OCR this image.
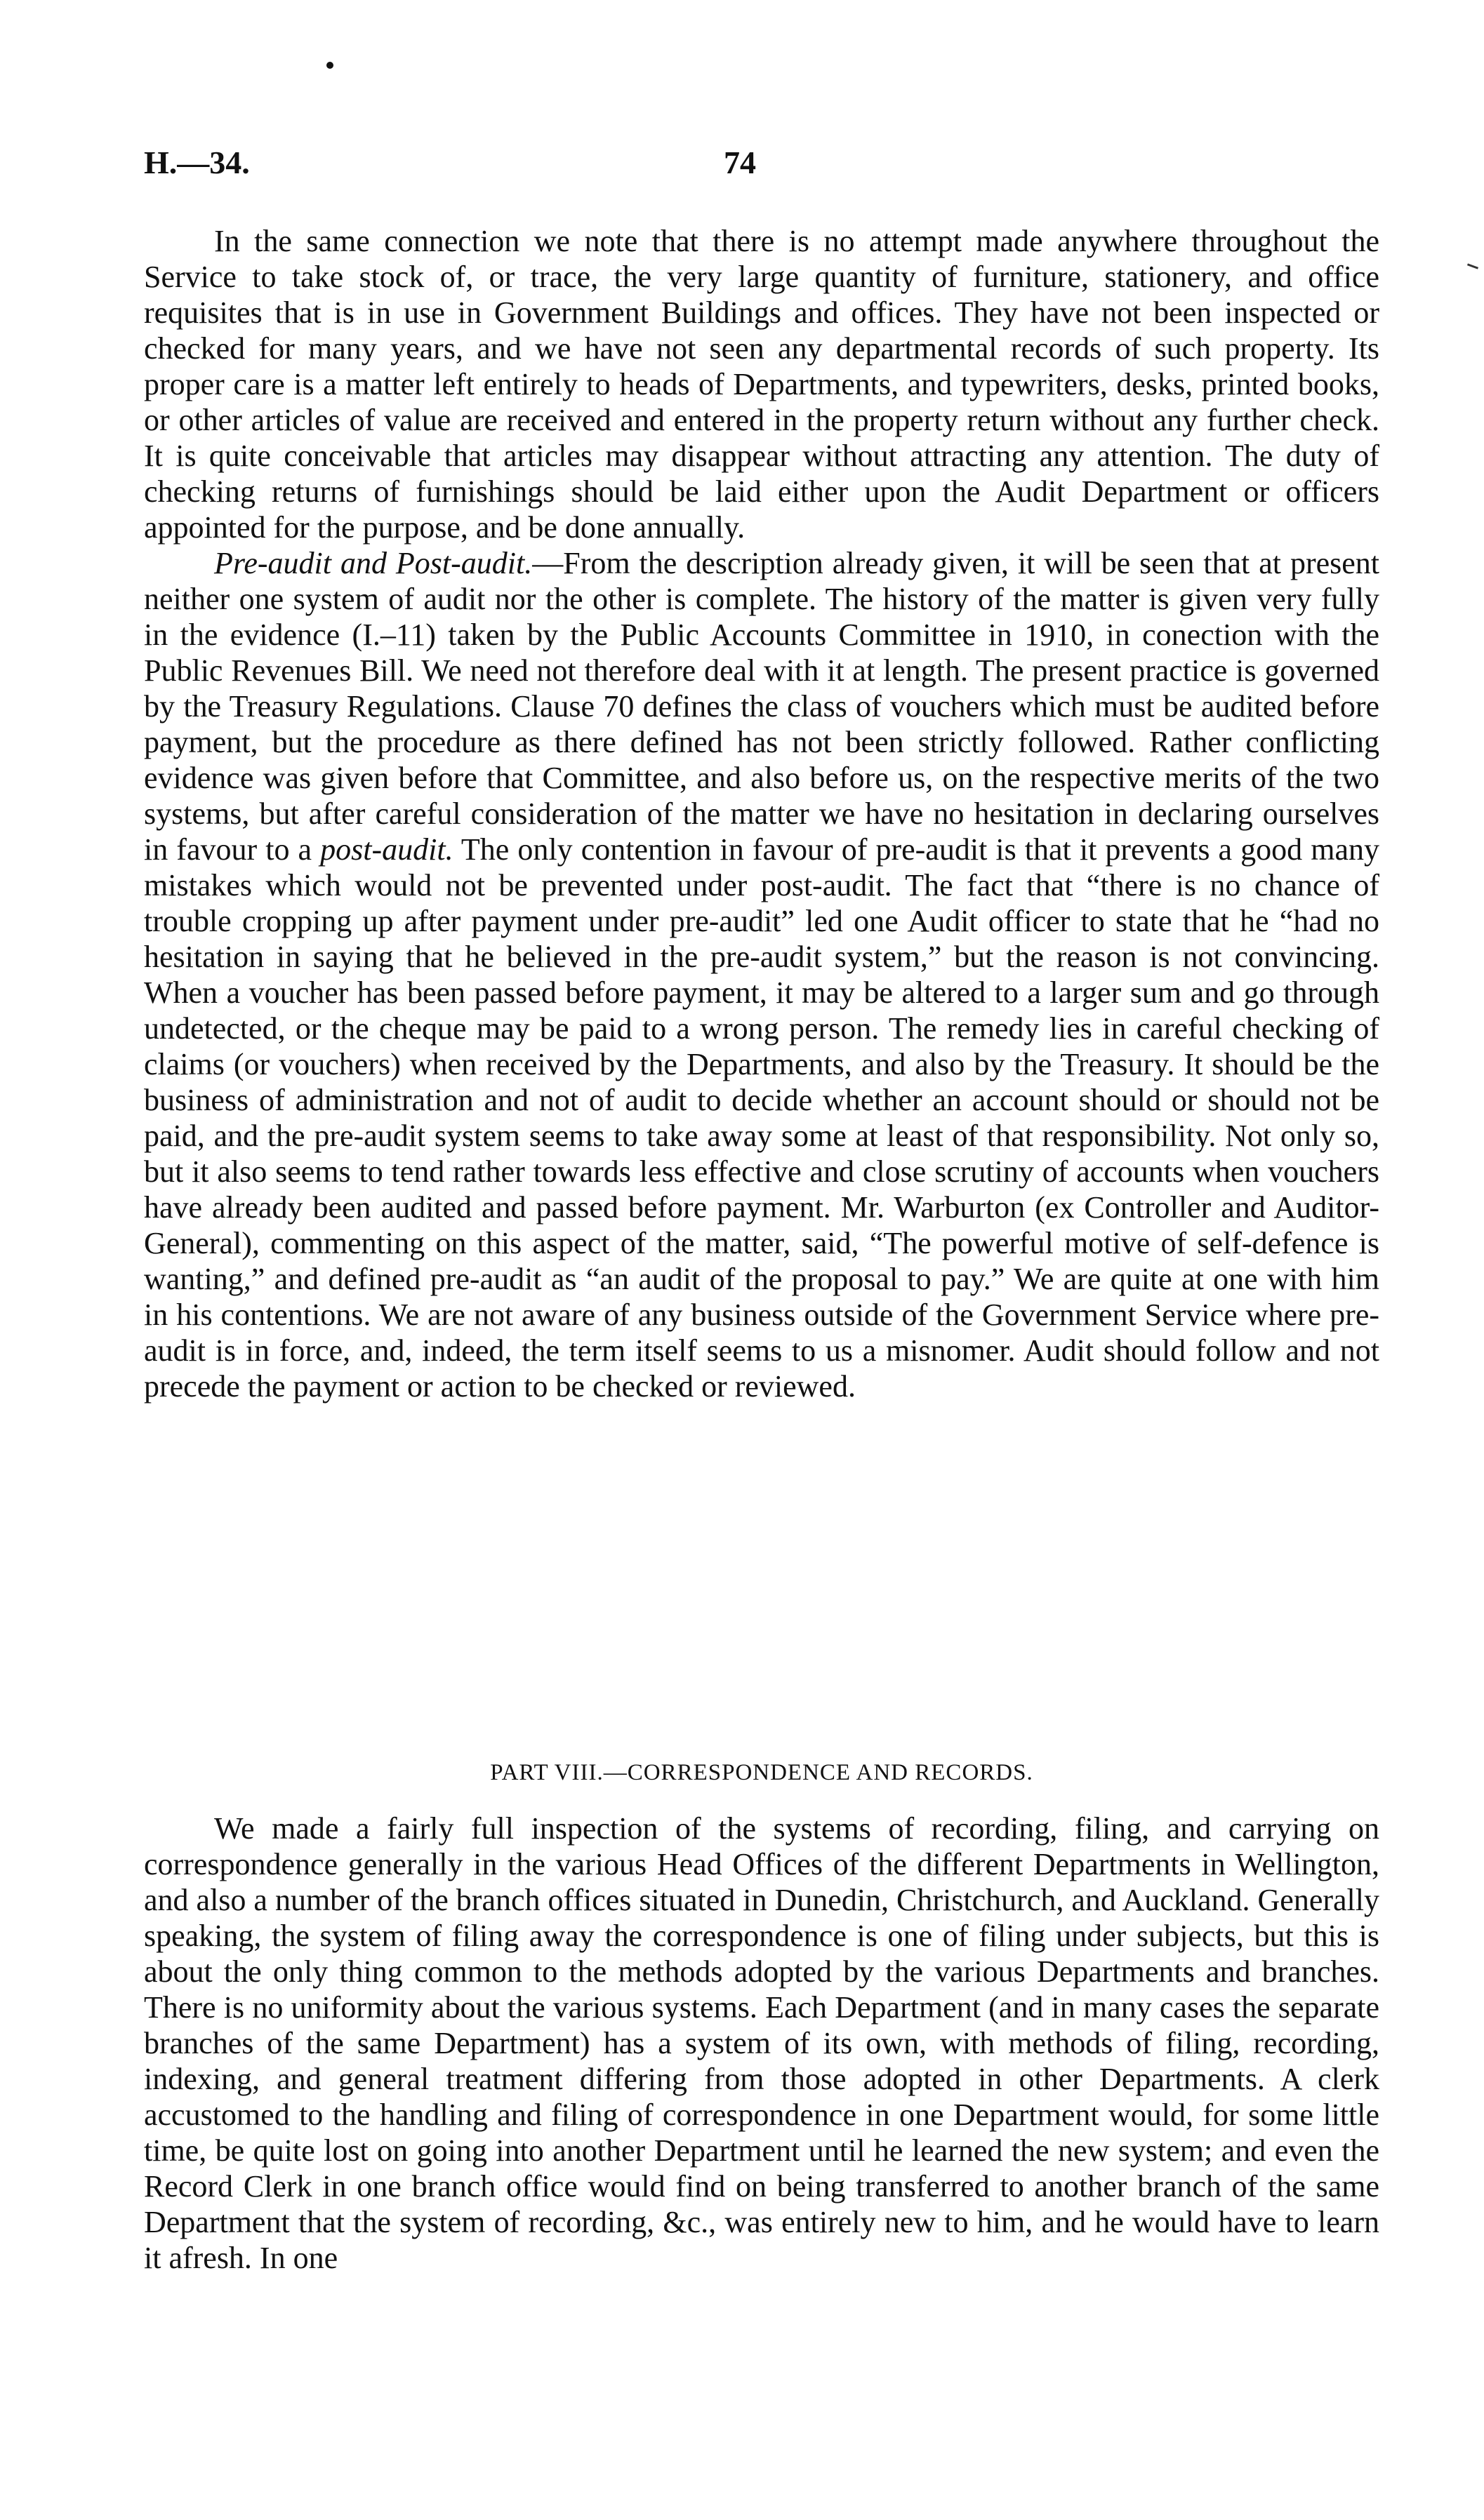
H.—34.	74

In the same connection we note that there is no attempt made anywhere throughout the Service to take stock of, or trace, the very large quantity of furniture, stationery, and office requisites that is in use in Government Buildings and offices. They have not been inspected or checked for many years, and we have not seen any departmental records of such property. Its proper care is a matter left entirely to heads of Departments, and typewriters, desks, printed books, or other articles of value are received and entered in the property return without any further check. It is quite conceivable that articles may disappear without attracting any attention. The duty of checking returns of furnishings should be laid either upon the Audit Department or officers appointed for the purpose, and be done annually.

Pre-audit and Post-audit.—From the description already given, it will be seen that at present neither one system of audit nor the other is complete. The history of the matter is given very fully in the evidence (I.–11) taken by the Public Accounts Committee in 1910, in conection with the Public Revenues Bill. We need not therefore deal with it at length. The present practice is governed by the Treasury Regulations. Clause 70 defines the class of vouchers which must be audited before payment, but the procedure as there defined has not been strictly followed. Rather conflicting evidence was given before that Committee, and also before us, on the respective merits of the two systems, but after careful consideration of the matter we have no hesitation in declaring ourselves in favour to a post-audit. The only contention in favour of pre-audit is that it prevents a good many mistakes which would not be prevented under post-audit. The fact that “there is no chance of trouble cropping up after payment under pre-audit” led one Audit officer to state that he “had no hesitation in saying that he believed in the pre-audit system,” but the reason is not convincing. When a voucher has been passed before payment, it may be altered to a larger sum and go through undetected, or the cheque may be paid to a wrong person. The remedy lies in careful checking of claims (or vouchers) when received by the Departments, and also by the Treasury. It should be the business of administration and not of audit to decide whether an account should or should not be paid, and the pre-audit system seems to take away some at least of that responsibility. Not only so, but it also seems to tend rather towards less effective and close scrutiny of accounts when vouchers have already been audited and passed before payment. Mr. Warburton (ex Controller and Auditor-General), commenting on this aspect of the matter, said, “The powerful motive of self-defence is wanting,” and defined pre-audit as “an audit of the proposal to pay.” We are quite at one with him in his contentions. We are not aware of any business outside of the Government Service where pre-audit is in force, and, indeed, the term itself seems to us a misnomer. Audit should follow and not precede the payment or action to be checked or reviewed.

PART VIII.—CORRESPONDENCE AND RECORDS.

We made a fairly full inspection of the systems of recording, filing, and carrying on correspondence generally in the various Head Offices of the different Departments in Wellington, and also a number of the branch offices situated in Dunedin, Christchurch, and Auckland. Generally speaking, the system of filing away the correspondence is one of filing under subjects, but this is about the only thing common to the methods adopted by the various Departments and branches. There is no uniformity about the various systems. Each Department (and in many cases the separate branches of the same Department) has a system of its own, with methods of filing, recording, indexing, and general treatment differing from those adopted in other Departments. A clerk accustomed to the handling and filing of correspondence in one Department would, for some little time, be quite lost on going into another Department until he learned the new system; and even the Record Clerk in one branch office would find on being transferred to another branch of the same Department that the system of recording, &c., was entirely new to him, and he would have to learn it afresh. In one
